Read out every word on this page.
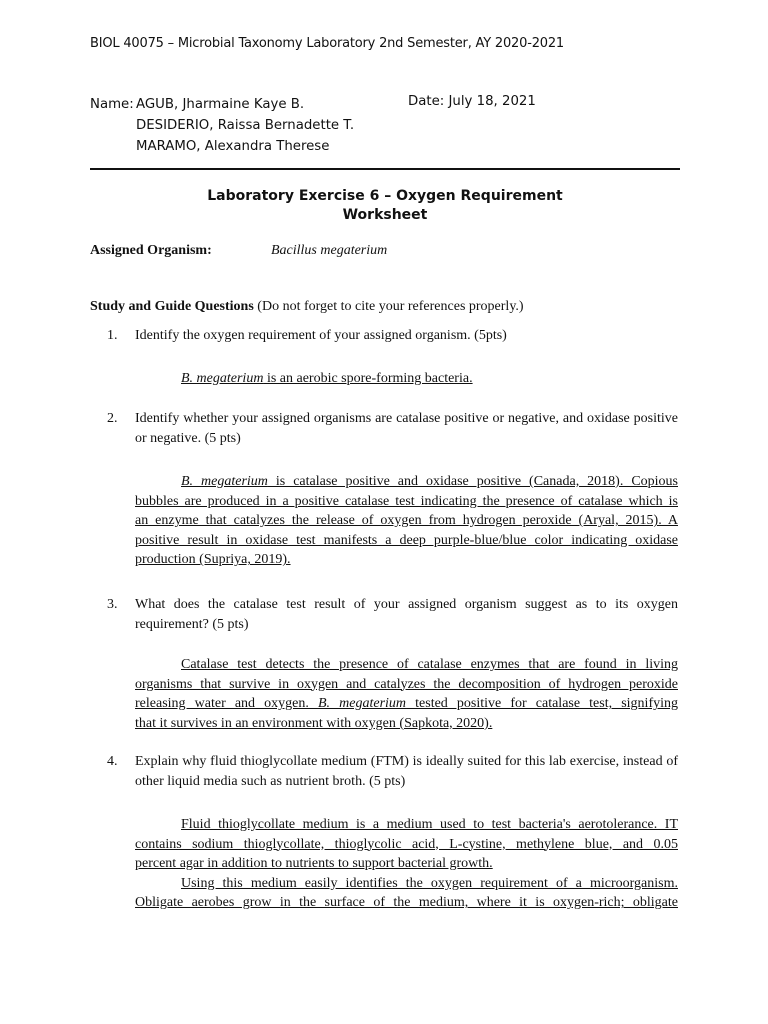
BIOL 40075 – Microbial Taxonomy Laboratory 2nd Semester, AY 2020-2021
Name: AGUB, Jharmaine Kaye B.
DESIDERIO, Raissa Bernadette T.
MARAMO, Alexandra Therese
Date: July 18, 2021
Laboratory Exercise 6 – Oxygen Requirement
Worksheet
Assigned Organism:	Bacillus megaterium
Study and Guide Questions (Do not forget to cite your references properly.)
1. Identify the oxygen requirement of your assigned organism. (5pts)
B. megaterium is an aerobic spore-forming bacteria.
2. Identify whether your assigned organisms are catalase positive or negative, and oxidase positive or negative. (5 pts)
B. megaterium is catalase positive and oxidase positive (Canada, 2018). Copious
bubbles are produced in a positive catalase test indicating the presence of catalase which is
an enzyme that catalyzes the release of oxygen from hydrogen peroxide (Aryal, 2015). A
positive result in oxidase test manifests a deep purple-blue/blue color indicating oxidase
production (Supriya, 2019).
3. What does the catalase test result of your assigned organism suggest as to its oxygen requirement? (5 pts)
Catalase test detects the presence of catalase enzymes that are found in living
organisms that survive in oxygen and catalyzes the decomposition of hydrogen peroxide
releasing water and oxygen. B. megaterium tested positive for catalase test, signifying
that it survives in an environment with oxygen (Sapkota, 2020).
4. Explain why fluid thioglycollate medium (FTM) is ideally suited for this lab exercise, instead of other liquid media such as nutrient broth. (5 pts)
Fluid thioglycollate medium is a medium used to test bacteria's aerotolerance. IT
contains sodium thioglycollate, thioglycolic acid, L-cystine, methylene blue, and 0.05
percent agar in addition to nutrients to support bacterial growth.
Using this medium easily identifies the oxygen requirement of a microorganism.
Obligate aerobes grow in the surface of the medium, where it is oxygen-rich; obligate
